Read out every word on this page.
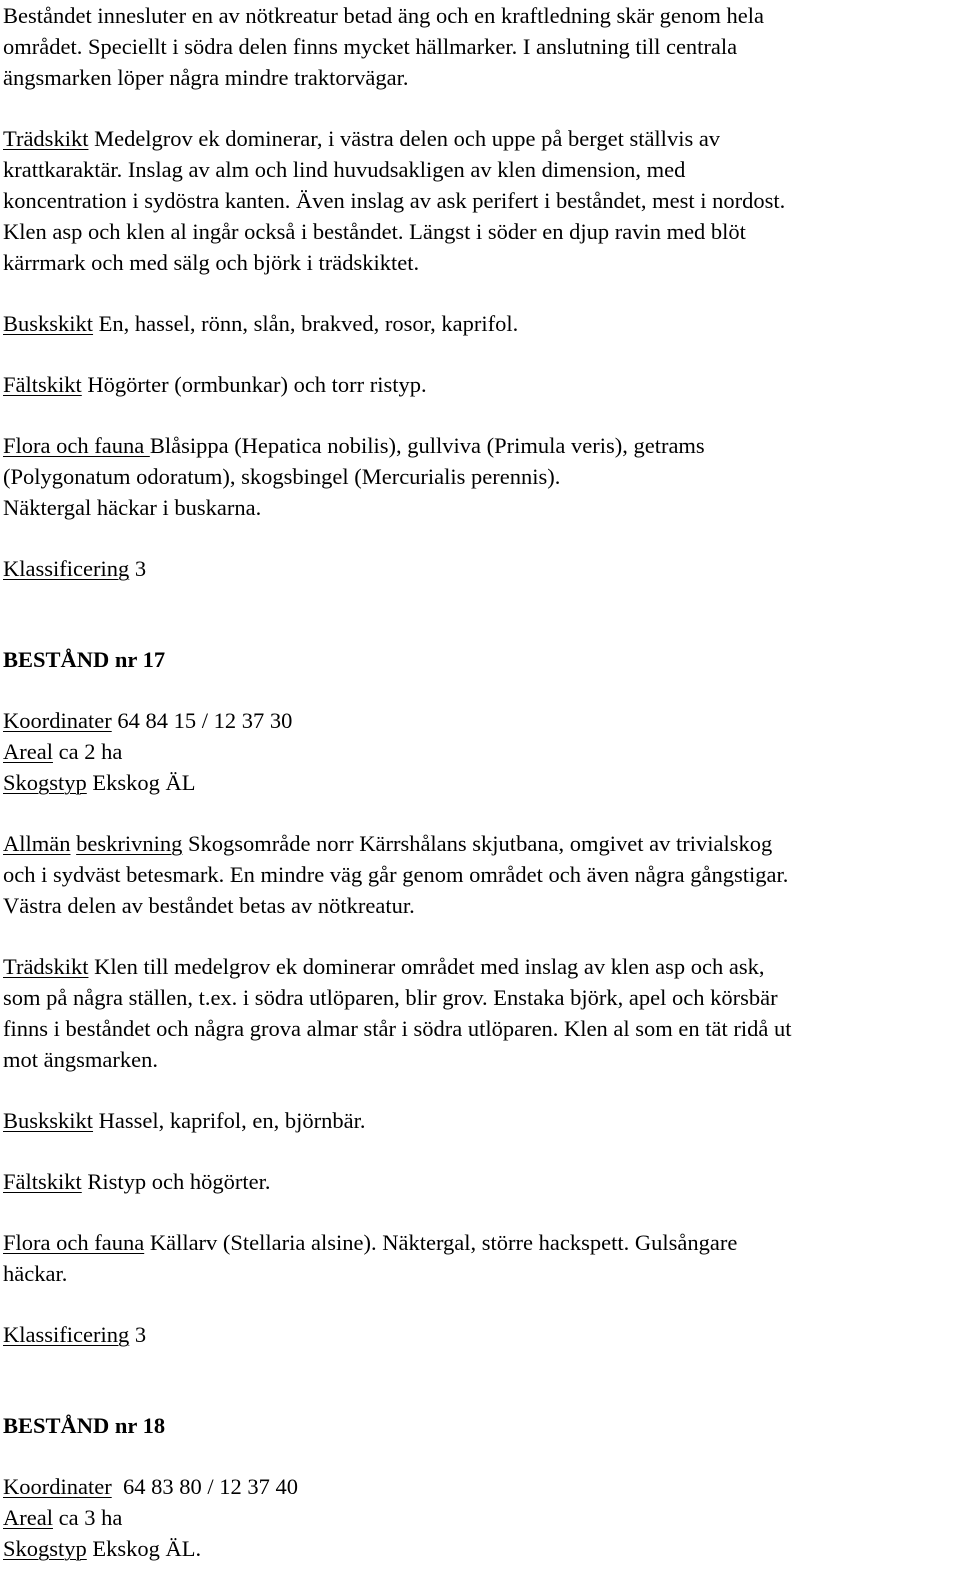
Beståndet innesluter en av nötkreatur betad äng och en kraftledning skär genom hela

området. Speciellt i södra delen finns mycket hällmarker. I anslutning till centrala

ängsmarken löper några mindre traktorvägar.

Trädskikt Medelgrov ek dominerar, i västra delen och uppe på berget ställvis av

krattkaraktär. Inslag av alm och lind huvudsakligen av klen dimension, med

koncentration i sydöstra kanten. Även inslag av ask perifert i beståndet, mest i nordost.

Klen asp och klen al ingår också i beståndet. Längst i söder en djup ravin med blöt

kärrmark och med sälg och björk i trädskiktet.

Buskskikt En, hassel, rönn, slån, brakved, rosor, kaprifol.

Fältskikt Högörter (ormbunkar) och torr ristyp.

Flora och fauna Blåsippa (Hepatica nobilis), gullviva (Primula veris), getrams

(Polygonatum odoratum), skogsbingel (Mercurialis perennis).

Näktergal häckar i buskarna.

Klassificering 3

BESTÅND nr 17

Koordinater 64 84 15 / 12 37 30

Areal ca 2 ha

Skogstyp Ekskog ÄL

Allmän beskrivning Skogsområde norr Kärrshålans skjutbana, omgivet av trivialskog

och i sydväst betesmark. En mindre väg går genom området och även några gångstigar.

Västra delen av beståndet betas av nötkreatur.

Trädskikt Klen till medelgrov ek dominerar området med inslag av klen asp och ask,

som på några ställen, t.ex. i södra utlöparen, blir grov. Enstaka björk, apel och körsbär

finns i beståndet och några grova almar står i södra utlöparen. Klen al som en tät ridå ut

mot ängsmarken.

Buskskikt Hassel, kaprifol, en, björnbär.

Fältskikt Ristyp och högörter.

Flora och fauna Källarv (Stellaria alsine). Näktergal, större hackspett. Gulsångare

häckar.

Klassificering 3

BESTÅND nr 18

Koordinater  64 83 80 / 12 37 40

Areal ca 3 ha

Skogstyp Ekskog ÄL.
